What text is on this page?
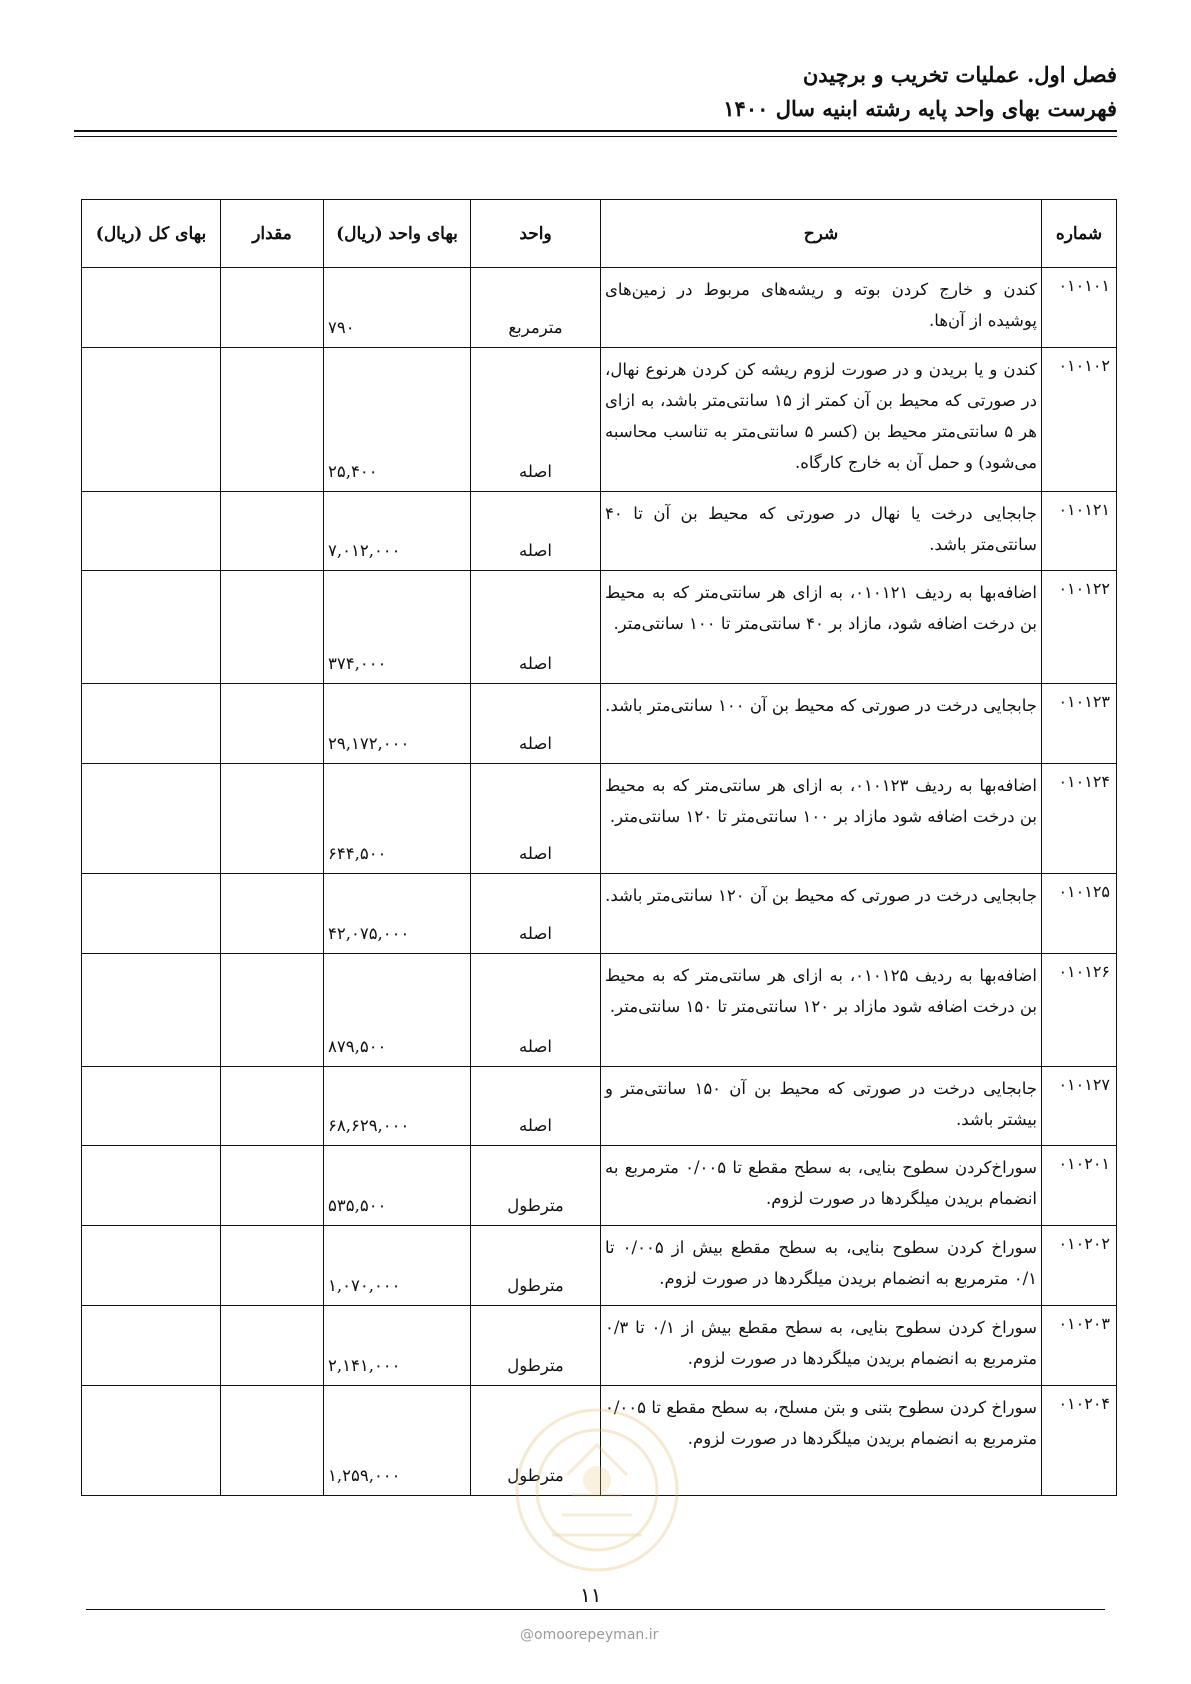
فصل اول. عملیات تخریب و برچیدن
فهرست بهای واحد پایه رشته ابنیه سال ۱۴۰۰
شماره	شرح	واحد	بهای واحد (ریال)	مقدار	بهای کل (ریال)
۰۱۰۱۰۱	کندن و خارج کردن بوته و ریشه‌های مربوط در زمین‌های پوشیده از آن‌ها.	مترمربع	۷۹۰		
۰۱۰۱۰۲	کندن و یا بریدن و در صورت لزوم ریشه کن کردن هرنوع نهال، در صورتی که محیط بن آن کمتر از ۱۵ سانتی‌متر باشد، به ازای هر ۵ سانتی‌متر محیط بن (کسر ۵ سانتی‌متر به تناسب محاسبه می‌شود) و حمل آن به خارج کارگاه.	اصله	۲۵,۴۰۰		
۰۱۰۱۲۱	جابجایی درخت یا نهال در صورتی که محیط بن آن تا ۴۰ سانتی‌متر باشد.	اصله	۷,۰۱۲,۰۰۰		
۰۱۰۱۲۲	اضافه‌بها به ردیف ۰۱۰۱۲۱، به ازای هر سانتی‌متر که به محیط بن درخت اضافه شود، مازاد بر ۴۰ سانتی‌متر تا ۱۰۰ سانتی‌متر.	اصله	۳۷۴,۰۰۰		
۰۱۰۱۲۳	جابجایی درخت در صورتی که محیط بن آن ۱۰۰ سانتی‌متر باشد.	اصله	۲۹,۱۷۲,۰۰۰		
۰۱۰۱۲۴	اضافه‌بها به ردیف ۰۱۰۱۲۳، به ازای هر سانتی‌متر که به محیط بن درخت اضافه شود مازاد بر ۱۰۰ سانتی‌متر تا ۱۲۰ سانتی‌متر.	اصله	۶۴۴,۵۰۰		
۰۱۰۱۲۵	جابجایی درخت در صورتی که محیط بن آن ۱۲۰ سانتی‌متر باشد.	اصله	۴۲,۰۷۵,۰۰۰		
۰۱۰۱۲۶	اضافه‌بها به ردیف ۰۱۰۱۲۵، به ازای هر سانتی‌متر که به محیط بن درخت اضافه شود مازاد بر ۱۲۰ سانتی‌متر تا ۱۵۰ سانتی‌متر.	اصله	۸۷۹,۵۰۰		
۰۱۰۱۲۷	جابجایی درخت در صورتی که محیط بن آن ۱۵۰ سانتی‌متر و بیشتر باشد.	اصله	۶۸,۶۲۹,۰۰۰		
۰۱۰۲۰۱	سوراخ‌کردن سطوح بنایی، به سطح مقطع تا ۰/۰۰۵ مترمربع به انضمام بریدن میلگردها در صورت لزوم.	مترطول	۵۳۵,۵۰۰		
۰۱۰۲۰۲	سوراخ کردن سطوح بنایی، به سطح مقطع بیش از ۰/۰۰۵ تا ۰/۱ مترمربع به انضمام بریدن میلگردها در صورت لزوم.	مترطول	۱,۰۷۰,۰۰۰		
۰۱۰۲۰۳	سوراخ کردن سطوح بنایی، به سطح مقطع بیش از ۰/۱ تا ۰/۳ مترمربع به انضمام بریدن میلگردها در صورت لزوم.	مترطول	۲,۱۴۱,۰۰۰		
۰۱۰۲۰۴	سوراخ کردن سطوح بتنی و بتن مسلح، به سطح مقطع تا ۰/۰۰۵ مترمربع به انضمام بریدن میلگردها در صورت لزوم.	مترطول	۱,۲۵۹,۰۰۰		
۱۱
@omoorepeyman.ir
